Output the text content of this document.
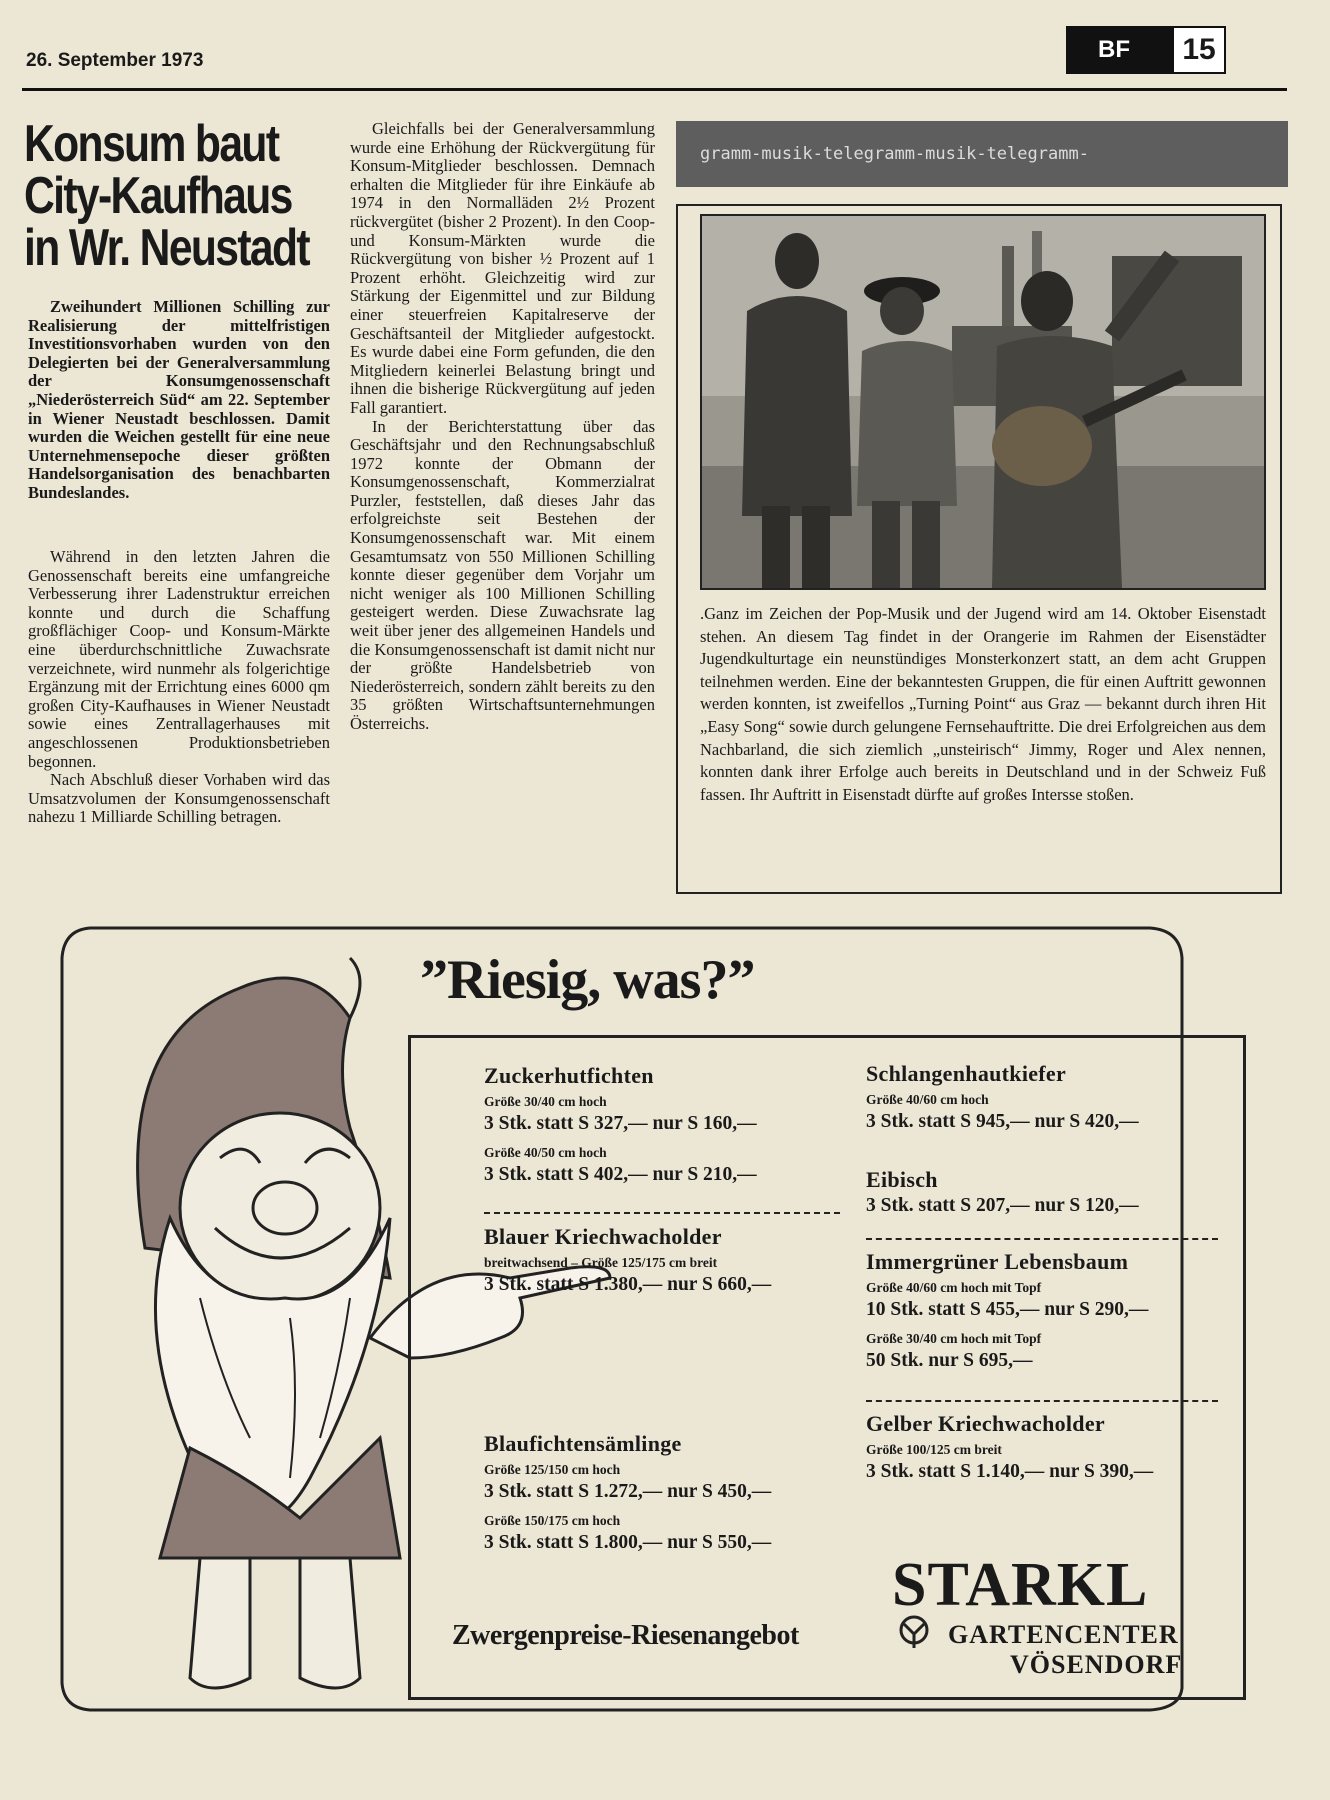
26. September 1973	BF	15
Konsum baut
City-Kaufhaus
in Wr. Neustadt

Zweihundert Millionen Schilling zur Realisierung der mittelfristigen Investitionsvorhaben wurden von den Delegierten bei der Generalversammlung der Konsumgenossenschaft „Niederösterreich Süd“ am 22. September in Wiener Neustadt beschlossen. Damit wurden die Weichen gestellt für eine neue Unternehmensepoche dieser größten Handelsorganisation des benachbarten Bundeslandes.

Während in den letzten Jahren die Genossenschaft bereits eine umfangreiche Verbesserung ihrer Ladenstruktur erreichen konnte und durch die Schaffung großflächiger Coop- und Konsum-Märkte eine überdurchschnittliche Zuwachsrate verzeichnete, wird nunmehr als folgerichtige Ergänzung mit der Errichtung eines 6000 qm großen City-Kaufhauses in Wiener Neustadt sowie eines Zentrallagerhauses mit angeschlossenen Produktionsbetrieben begonnen.

Nach Abschluß dieser Vorhaben wird das Umsatzvolumen der Konsumgenossenschaft nahezu 1 Milliarde Schilling betragen.

Gleichfalls bei der Generalversammlung wurde eine Erhöhung der Rückvergütung für Konsum-Mitglieder beschlossen. Demnach erhalten die Mitglieder für ihre Einkäufe ab 1974 in den Normalläden 2½ Prozent rückvergütet (bisher 2 Prozent). In den Coop- und Konsum-Märkten wurde die Rückvergütung von bisher ½ Prozent auf 1 Prozent erhöht. Gleichzeitig wird zur Stärkung der Eigenmittel und zur Bildung einer steuerfreien Kapitalreserve der Geschäftsanteil der Mitglieder aufgestockt. Es wurde dabei eine Form gefunden, die den Mitgliedern keinerlei Belastung bringt und ihnen die bisherige Rückvergütung auf jeden Fall garantiert.

In der Berichterstattung über das Geschäftsjahr und den Rechnungsabschluß 1972 konnte der Obmann der Konsumgenossenschaft, Kommerzialrat Purzler, feststellen, daß dieses Jahr das erfolgreichste seit Bestehen der Konsumgenossenschaft war. Mit einem Gesamtumsatz von 550 Millionen Schilling konnte dieser gegenüber dem Vorjahr um nicht weniger als 100 Millionen Schilling gesteigert werden. Diese Zuwachsrate lag weit über jener des allgemeinen Handels und die Konsumgenossenschaft ist damit nicht nur der größte Handelsbetrieb von Niederösterreich, sondern zählt bereits zu den 35 größten Wirtschaftsunternehmungen Österreichs.

gramm-musik-telegramm-musik-telegramm-
.Ganz im Zeichen der Pop-Musik und der Jugend wird am 14. Oktober Eisenstadt stehen. An diesem Tag findet in der Orangerie im Rahmen der Eisenstädter Jugendkulturtage ein neunstündiges Monsterkonzert statt, an dem acht Gruppen teilnehmen werden. Eine der bekanntesten Gruppen, die für einen Auftritt gewonnen werden konnten, ist zweifellos „Turning Point“ aus Graz — bekannt durch ihren Hit „Easy Song“ sowie durch gelungene Fernsehauftritte. Die drei Erfolgreichen aus dem Nachbarland, die sich ziemlich „unsteirisch“ Jimmy, Roger und Alex nennen, konnten dank ihrer Erfolge auch bereits in Deutschland und in der Schweiz Fuß fassen. Ihr Auftritt in Eisenstadt dürfte auf großes Intersse stoßen.
”Riesig, was?”
Zuckerhutfichten
Größe 30/40 cm hoch
3 Stk. statt S 327,— nur S 160,—
Größe 40/50 cm hoch
3 Stk. statt S 402,— nur S 210,—
Blauer Kriechwacholder
breitwachsend – Größe 125/175 cm breit
3 Stk. statt S 1.380,— nur S 660,—
Blaufichtensämlinge
Größe 125/150 cm hoch
3 Stk. statt S 1.272,— nur S 450,—
Größe 150/175 cm hoch
3 Stk. statt S 1.800,— nur S 550,—
Schlangenhautkiefer
Größe 40/60 cm hoch
3 Stk. statt S 945,— nur S 420,—
Eibisch
3 Stk. statt S 207,— nur S 120,—
Immergrüner Lebensbaum
Größe 40/60 cm hoch mit Topf
10 Stk. statt S 455,— nur S 290,—
Größe 30/40 cm hoch mit Topf
50 Stk. nur S 695,—
Gelber Kriechwacholder
Größe 100/125 cm breit
3 Stk. statt S 1.140,— nur S 390,—
Zwergenpreise-Riesenangebot
STARKL
GARTENCENTER
VÖSENDORF
